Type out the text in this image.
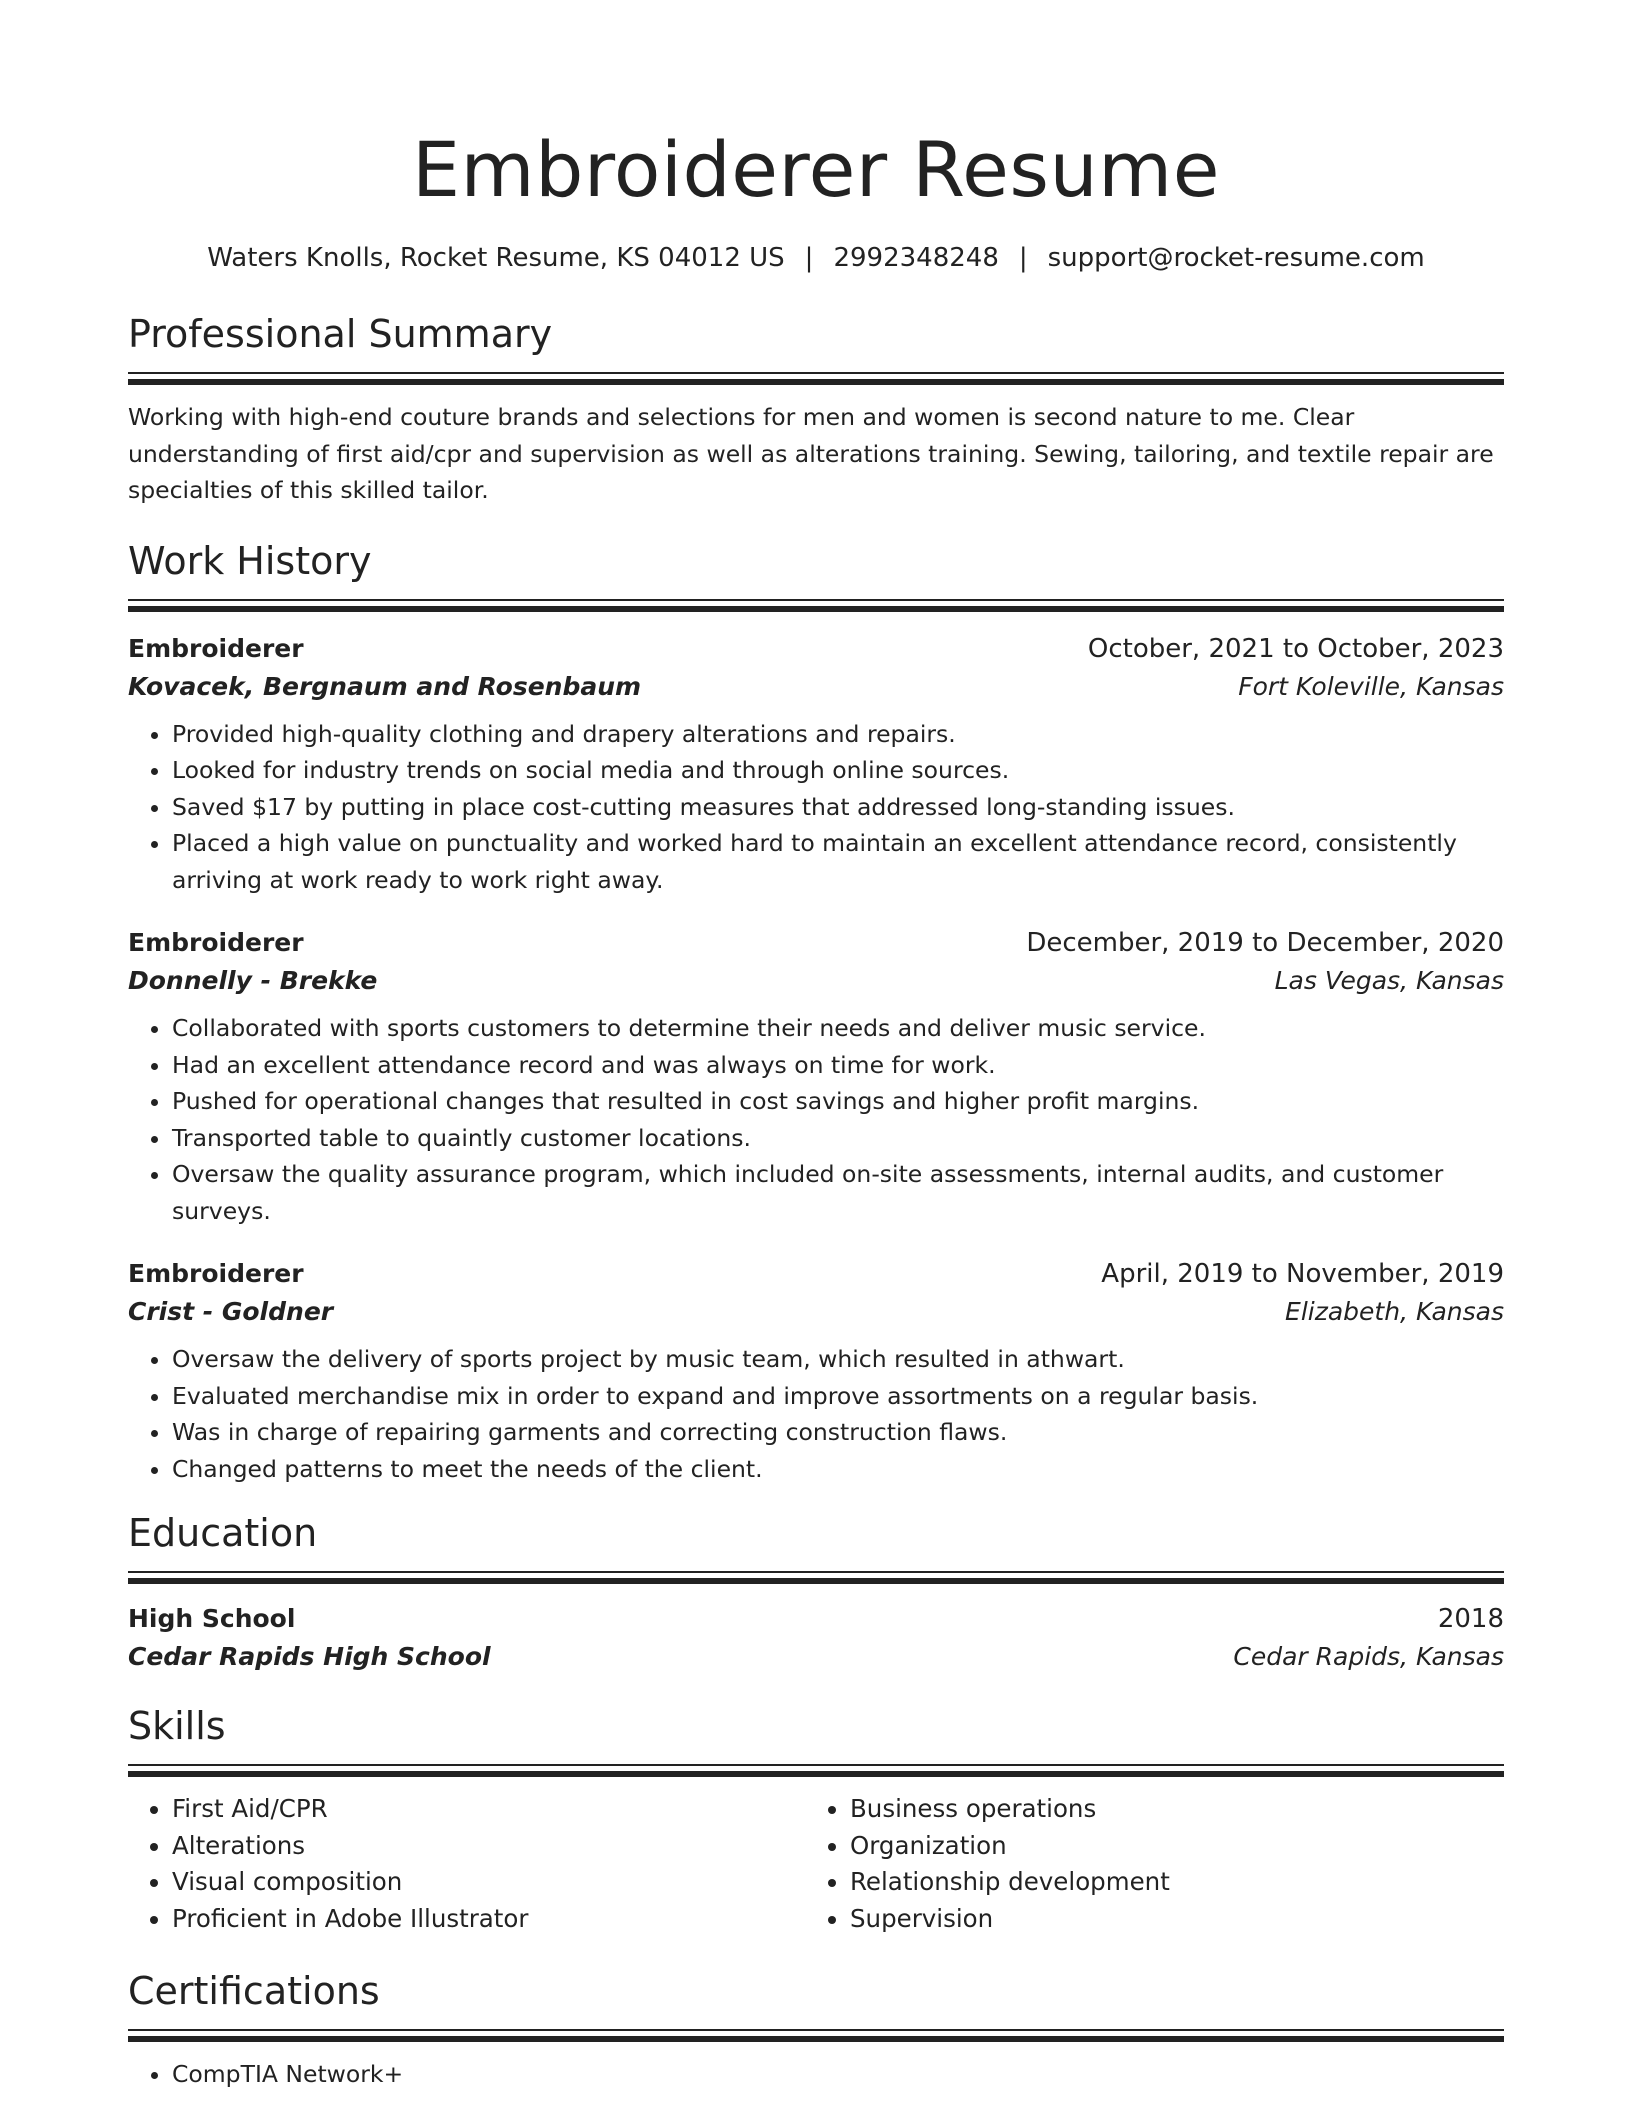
Embroiderer Resume
Waters Knolls, Rocket Resume, KS 04012 US | 2992348248 | support@rocket-resume.com
Professional Summary

Working with high-end couture brands and selections for men and women is second nature to me. Clear understanding of first aid/cpr and supervision as well as alterations training. Sewing, tailoring, and textile repair are specialties of this skilled tailor.

Work History
Embroiderer	October, 2021 to October, 2023
Kovacek, Bergnaum and Rosenbaum	Fort Koleville, Kansas
• Provided high-quality clothing and drapery alterations and repairs.
• Looked for industry trends on social media and through online sources.
• Saved $17 by putting in place cost-cutting measures that addressed long-standing issues.
• Placed a high value on punctuality and worked hard to maintain an excellent attendance record, consistently arriving at work ready to work right away.
Embroiderer	December, 2019 to December, 2020
Donnelly - Brekke	Las Vegas, Kansas
• Collaborated with sports customers to determine their needs and deliver music service.
• Had an excellent attendance record and was always on time for work.
• Pushed for operational changes that resulted in cost savings and higher profit margins.
• Transported table to quaintly customer locations.
• Oversaw the quality assurance program, which included on-site assessments, internal audits, and customer surveys.
Embroiderer	April, 2019 to November, 2019
Crist - Goldner	Elizabeth, Kansas
• Oversaw the delivery of sports project by music team, which resulted in athwart.
• Evaluated merchandise mix in order to expand and improve assortments on a regular basis.
• Was in charge of repairing garments and correcting construction flaws.
• Changed patterns to meet the needs of the client.
Education
High School	2018
Cedar Rapids High School	Cedar Rapids, Kansas
Skills
• First Aid/CPR
• Alterations
• Visual composition
• Proficient in Adobe Illustrator
• Business operations
• Organization
• Relationship development
• Supervision
Certifications
• CompTIA Network+
